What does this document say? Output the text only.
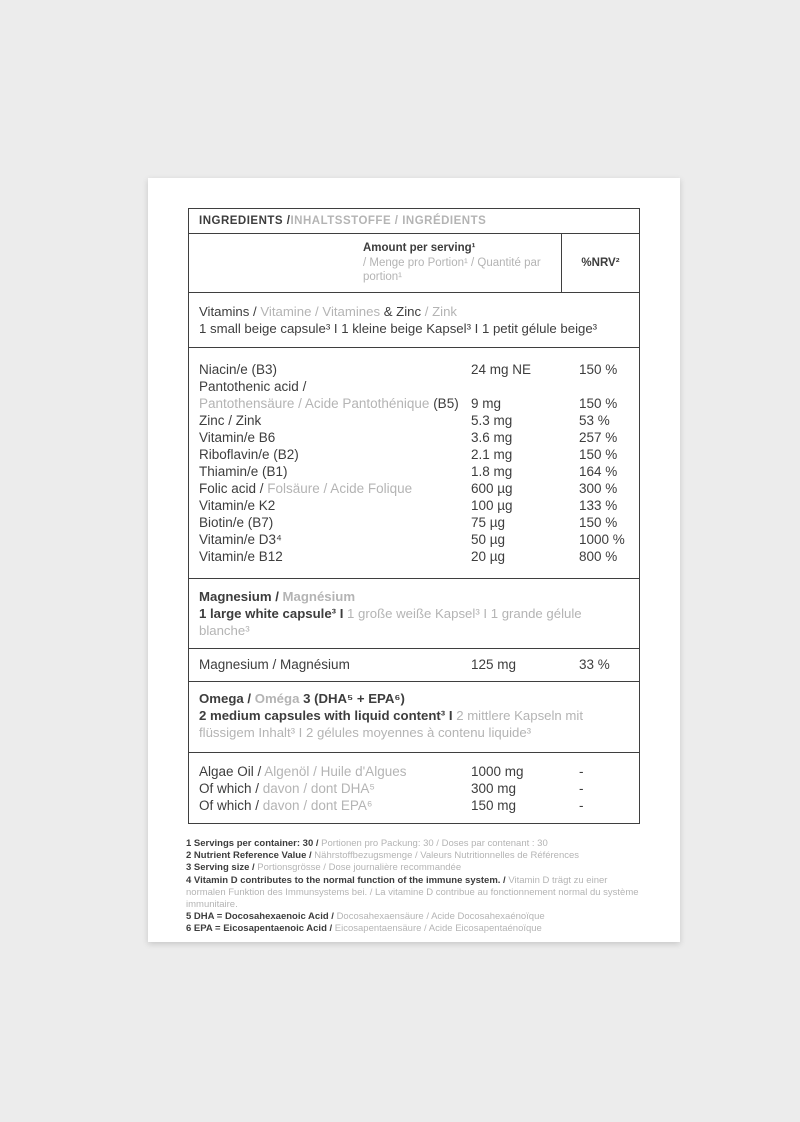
INGREDIENTS / INHALTSSTOFFE / INGRÉDIENTS
Amount per serving¹
/ Menge pro Portion¹ / Quantité par portion¹
%NRV²
Vitamins / Vitamine / Vitamines & Zinc / Zink
1 small beige capsule³ I 1 kleine beige Kapsel³ I 1 petit gélule beige³
Niacin/e (B3)	24 mg NE	150 %
Pantothenic acid /
Pantothensäure / Acide Pantothénique (B5) 9 mg	150 %
Zinc / Zink	5.3 mg	53 %
Vitamin/e B6	3.6 mg	257 %
Riboflavin/e (B2)	2.1 mg	150 %
Thiamin/e (B1)	1.8 mg	164 %
Folic acid / Folsäure / Acide Folique	600 µg	300 %
Vitamin/e K2	100 µg	133 %
Biotin/e (B7)	75 µg	150 %
Vitamin/e D3⁴	50 µg	1000 %
Vitamin/e B12	20 µg	800 %
Magnesium / Magnésium
1 large white capsule³ I 1 große weiße Kapsel³ I 1 grande gélule
blanche³
Magnesium / Magnésium	125 mg	33 %
Omega / Oméga 3 (DHA⁵ + EPA⁶)
2 medium capsules with liquid content³ I 2 mittlere Kapseln mit
flüssigem Inhalt³ I 2 gélules moyennes à contenu liquide³
Algae Oil / Algenöl / Huile d'Algues	1000 mg	-
Of which / davon / dont DHA⁵	300 mg	-
Of which / davon / dont EPA⁶	150 mg	-
1 Servings per container: 30 / Portionen pro Packung: 30 / Doses par contenant : 30
2 Nutrient Reference Value / Nährstoffbezugsmenge / Valeurs Nutritionnelles de Références
3 Serving size / Portionsgrösse / Dose journalière recommandée
4 Vitamin D contributes to the normal function of the immune system. / Vitamin D trägt zu einer normalen Funktion des Immunsystems bei. / La vitamine D contribue au fonctionnement normal du système immunitaire.
5 DHA = Docosahexaenoic Acid / Docosahexaensäure / Acide Docosahexaénoïque
6 EPA = Eicosapentaenoic Acid / Eicosapentaensäure / Acide Eicosapentaénoïque
